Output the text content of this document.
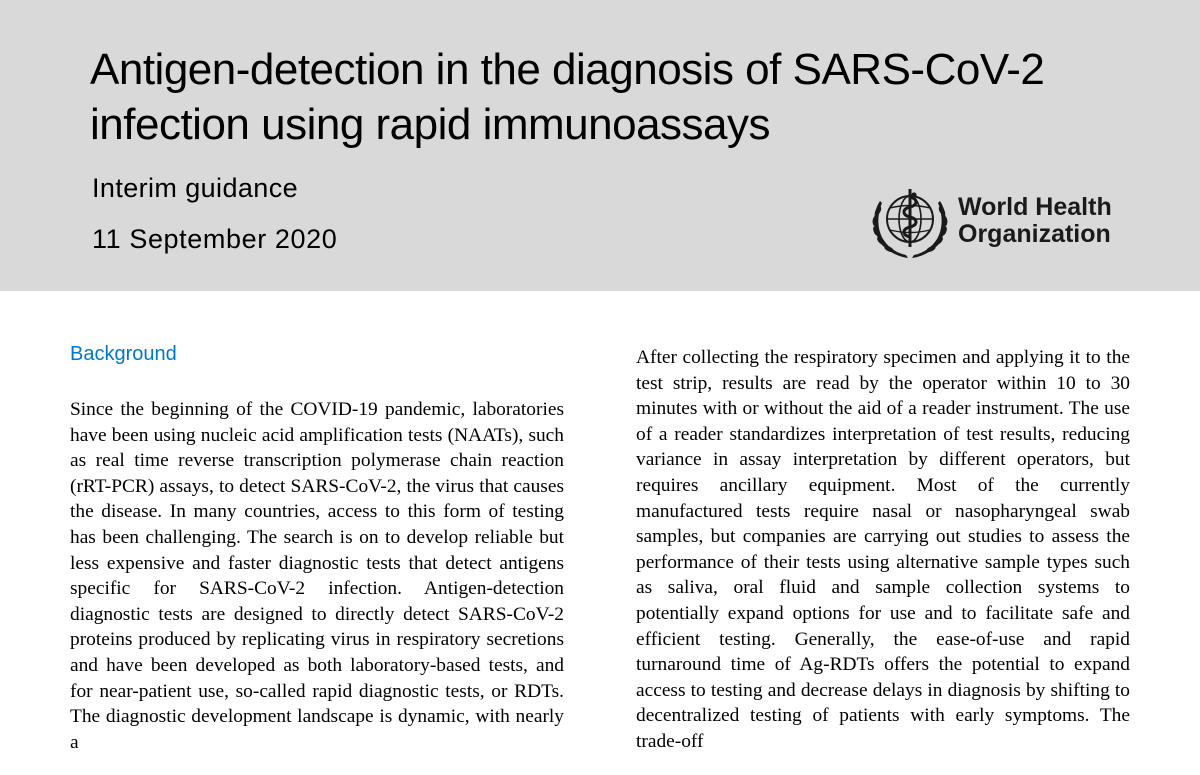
Antigen-detection in the diagnosis of SARS-CoV-2 infection using rapid immunoassays
Interim guidance
11 September 2020
World Health
Organization
Background

Since the beginning of the COVID-19 pandemic, laboratories have been using nucleic acid amplification tests (NAATs), such as real time reverse transcription polymerase chain reaction (rRT-PCR) assays, to detect SARS-CoV-2, the virus that causes the disease. In many countries, access to this form of testing has been challenging. The search is on to develop reliable but less expensive and faster diagnostic tests that detect antigens specific for SARS-CoV-2 infection. Antigen-detection diagnostic tests are designed to directly detect SARS-CoV-2 proteins produced by replicating virus in respiratory secretions and have been developed as both laboratory-based tests, and for near-patient use, so-called rapid diagnostic tests, or RDTs. The diagnostic development landscape is dynamic, with nearly a

After collecting the respiratory specimen and applying it to the test strip, results are read by the operator within 10 to 30 minutes with or without the aid of a reader instrument. The use of a reader standardizes interpretation of test results, reducing variance in assay interpretation by different operators, but requires ancillary equipment. Most of the currently manufactured tests require nasal or nasopharyngeal swab samples, but companies are carrying out studies to assess the performance of their tests using alternative sample types such as saliva, oral fluid and sample collection systems to potentially expand options for use and to facilitate safe and efficient testing. Generally, the ease-of-use and rapid turnaround time of Ag-RDTs offers the potential to expand access to testing and decrease delays in diagnosis by shifting to decentralized testing of patients with early symptoms. The trade-off
